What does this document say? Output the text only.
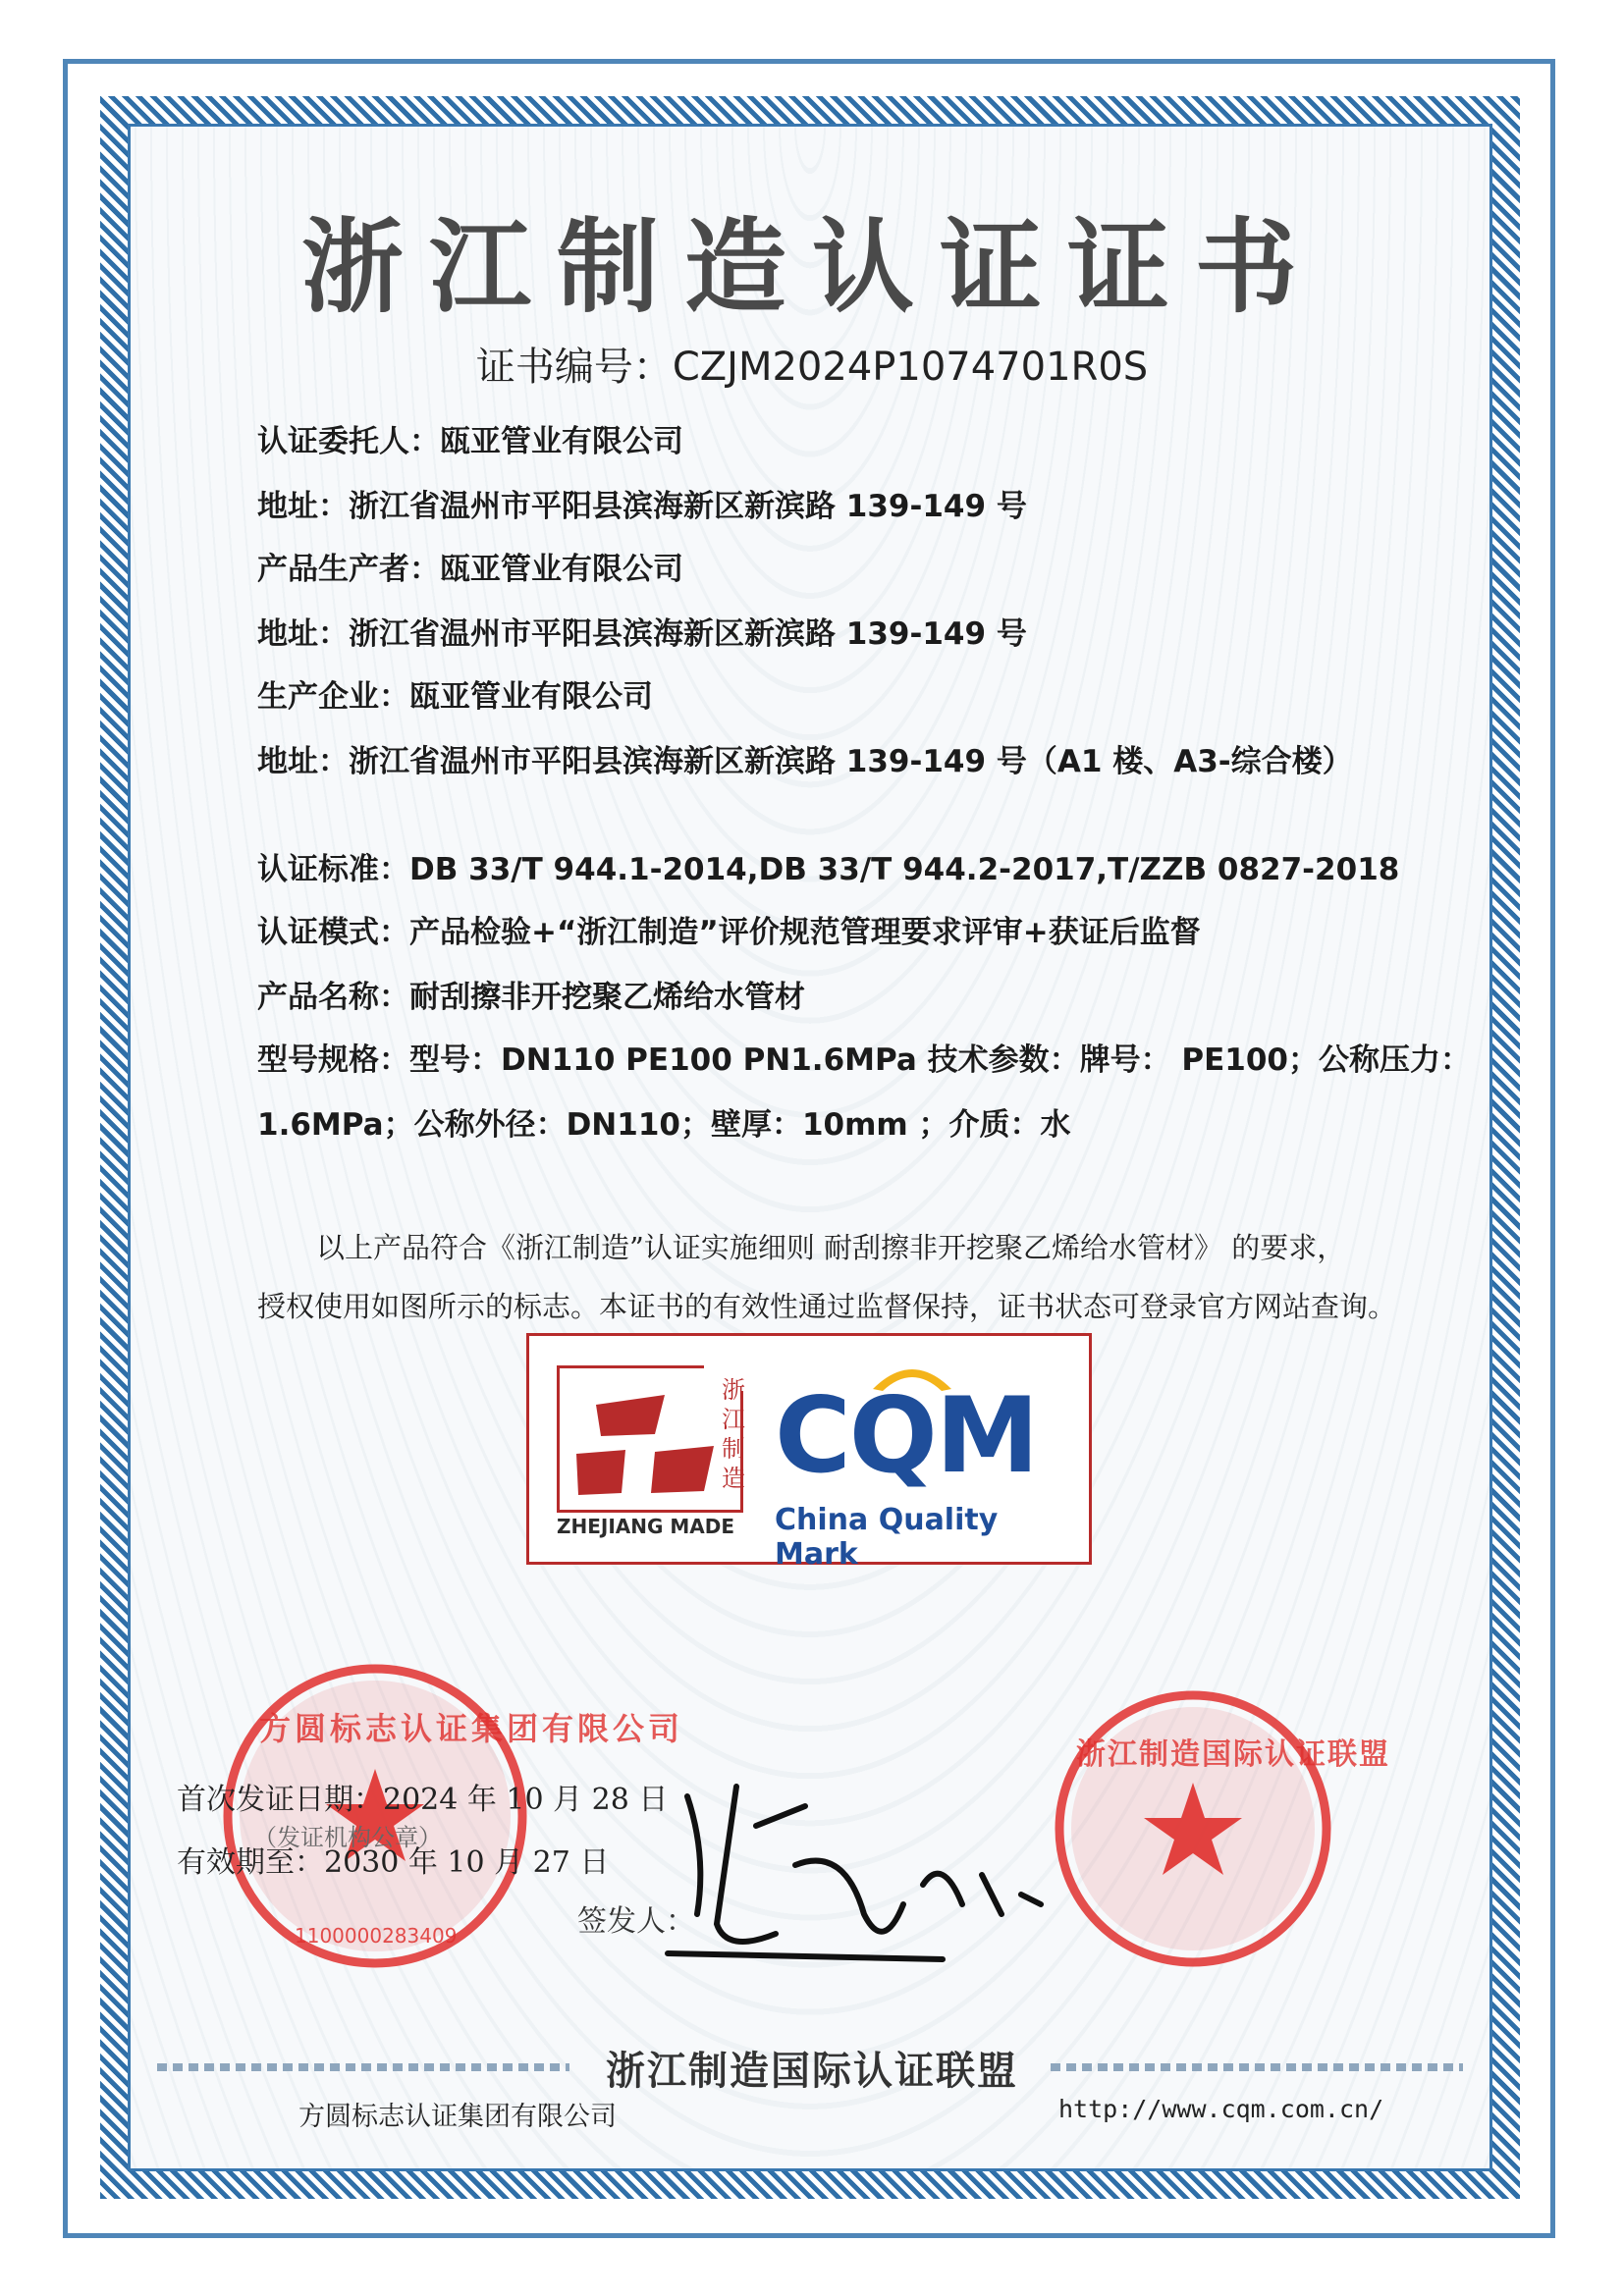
浙江制造认证证书
证书编号：CZJM2024P1074701R0S
认证委托人：瓯亚管业有限公司
地址：浙江省温州市平阳县滨海新区新滨路 139-149 号
产品生产者：瓯亚管业有限公司
地址：浙江省温州市平阳县滨海新区新滨路 139-149 号
生产企业：瓯亚管业有限公司
地址：浙江省温州市平阳县滨海新区新滨路 139-149 号（A1 楼、A3-综合楼）
认证标准：DB 33/T 944.1-2014,DB 33/T 944.2-2017,T/ZZB 0827-2018
认证模式：产品检验+“浙江制造”评价规范管理要求评审+获证后监督
产品名称：耐刮擦非开挖聚乙烯给水管材
型号规格：型号：DN110 PE100 PN1.6MPa 技术参数：牌号： PE100；公称压力：
1.6MPa；公称外径：DN110；壁厚：10mm ；介质：水
以上产品符合《浙江制造”认证实施细则 耐刮擦非开挖聚乙烯给水管材》 的要求，
授权使用如图所示的标志。本证书的有效性通过监督保持，证书状态可登录官方网站查询。
浙江制造
ZHEJIANG MADE
CQM
China Quality Mark
方圆标志认证集团有限公司
1100000283409
浙江制造国际认证联盟
首次发证日期：2024 年 10 月 28 日
（发证机构公章）
有效期至：2030 年 10 月 27 日
签发人：
浙江制造国际认证联盟
方圆标志认证集团有限公司	http://www.cqm.com.cn/
